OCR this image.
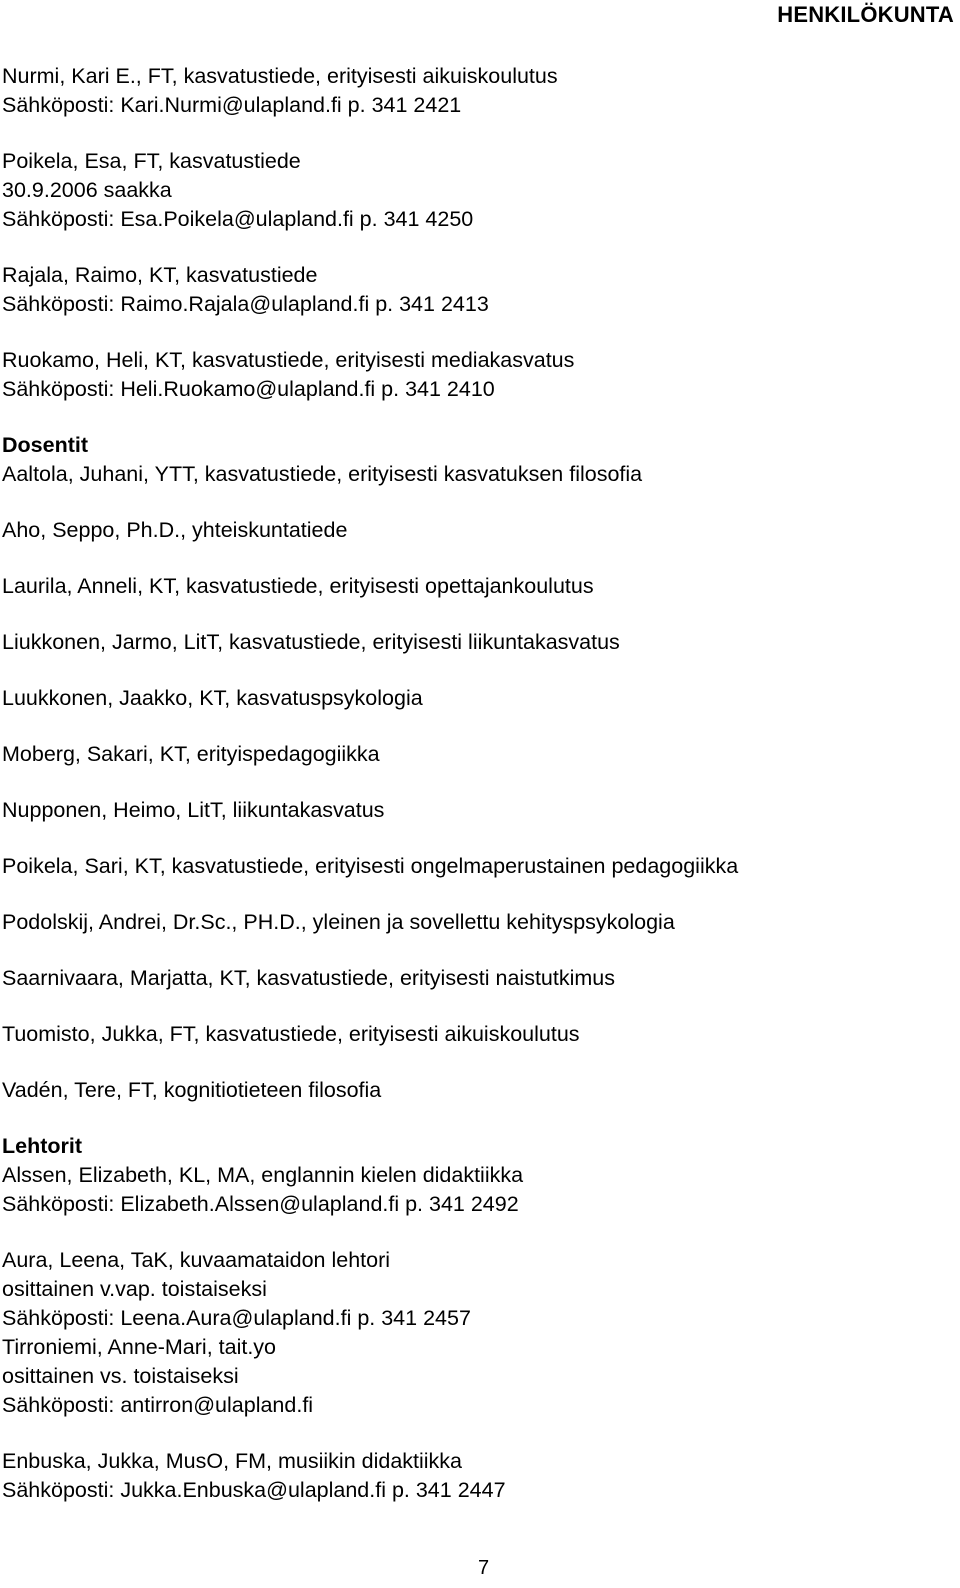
HENKILÖKUNTA
Nurmi, Kari E., FT, kasvatustiede, erityisesti aikuiskoulutus
Sähköposti: Kari.Nurmi@ulapland.fi p. 341 2421
Poikela, Esa, FT, kasvatustiede
30.9.2006 saakka
Sähköposti: Esa.Poikela@ulapland.fi p. 341 4250
Rajala, Raimo, KT, kasvatustiede
Sähköposti: Raimo.Rajala@ulapland.fi p. 341 2413
Ruokamo, Heli, KT, kasvatustiede, erityisesti mediakasvatus
Sähköposti: Heli.Ruokamo@ulapland.fi p. 341 2410
Dosentit
Aaltola, Juhani, YTT, kasvatustiede, erityisesti kasvatuksen filosofia
Aho, Seppo, Ph.D., yhteiskuntatiede
Laurila, Anneli, KT, kasvatustiede, erityisesti opettajankoulutus
Liukkonen, Jarmo, LitT, kasvatustiede, erityisesti liikuntakasvatus
Luukkonen, Jaakko, KT, kasvatuspsykologia
Moberg, Sakari, KT, erityispedagogiikka
Nupponen, Heimo, LitT, liikuntakasvatus
Poikela, Sari, KT, kasvatustiede, erityisesti ongelmaperustainen pedagogiikka
Podolskij, Andrei, Dr.Sc., PH.D., yleinen ja sovellettu kehityspsykologia
Saarnivaara, Marjatta, KT, kasvatustiede, erityisesti naistutkimus
Tuomisto, Jukka, FT, kasvatustiede, erityisesti aikuiskoulutus
Vadén, Tere, FT, kognitiotieteen filosofia
Lehtorit
Alssen, Elizabeth, KL, MA, englannin kielen didaktiikka
Sähköposti: Elizabeth.Alssen@ulapland.fi p. 341 2492
Aura, Leena, TaK, kuvaamataidon lehtori
osittainen v.vap. toistaiseksi
Sähköposti: Leena.Aura@ulapland.fi p. 341 2457
Tirroniemi, Anne-Mari, tait.yo
osittainen vs. toistaiseksi
Sähköposti: antirron@ulapland.fi
Enbuska, Jukka, MusO, FM, musiikin didaktiikka
Sähköposti: Jukka.Enbuska@ulapland.fi p. 341 2447
7
